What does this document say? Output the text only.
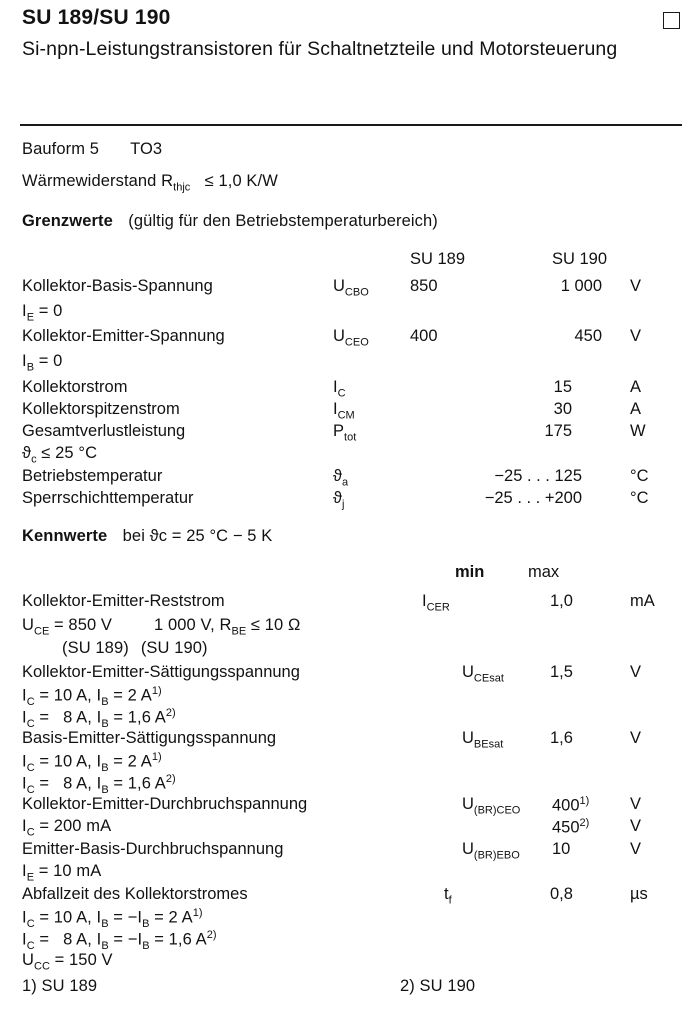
SU 189/SU 190
Si-npn-Leistungstransistoren für Schaltnetzteile und Motorsteuerung
Bauform 5 TO3
Wärmewiderstand $R_{thjc} \le 1,0$ K/W
Grenzwerte (gültig für den Betriebstemperaturbereich)
SU 189	SU 190
Kollektor-Basis-Spannung	$U_{CBO}$ 850	1 000 V
$I_E = 0$
Kollektor-Emitter-Spannung	$U_{CEO}$ 400	450 V
$I_B = 0$
Kollektorstrom	$I_C$	15	A
Kollektorspitzenstrom	$I_{CM}$	30	A
Gesamtverlustleistung	$P_{tot}$	175	W
$ϑ_c \le 25$ °C
Betriebstemperatur	$ϑ_a$	−25 . . . 125	°C
Sperrschichttemperatur	$ϑ_j$	−25 . . . +200	°C
Kennwerte bei ϑc = 25 °C − 5 K
min	max
Kollektor-Emitter-Reststrom	$I_{CER}$	1,0	mA
$U_{CE} = 850$ V	1 000 V, $R_{BE} \le 10$ Ω
(SU 189) (SU 190)
Kollektor-Emitter-Sättigungsspannung	$U_{CEsat}$	1,5	V
$I_C = 10$ A, $I_B = 2$ $A^{1)}$
$I_C = 8$ A, $I_B = 1,6$ $A^{2)}$
Basis-Emitter-Sättigungsspannung	$U_{BEsat}$	1,6	V
$I_C = 10$ A, $I_B = 2$ $A^{1)}$
$I_C = 8$ A, $I_B = 1,6$ $A^{2)}$
Kollektor-Emitter-Durchbruchspannung	$U_{(BR)CEO}$ 400$^{1)}$ V
450$^{2)}$ V
$I_C = 200$ mA
Emitter-Basis-Durchbruchspannung	$U_{(BR)EBO}$ 10	V
$I_E = 10$ mA
Abfallzeit des Kollektorstromes	$t_f$	0,8	µs
$I_C = 10$ A, $I_B = -I_B = 2$ $A^{1)}$
$I_C = 8$ A, $I_B = -I_B = 1,6$ $A^{2)}$
$U_{CC} = 150$ V
1) SU 189	2) SU 190
